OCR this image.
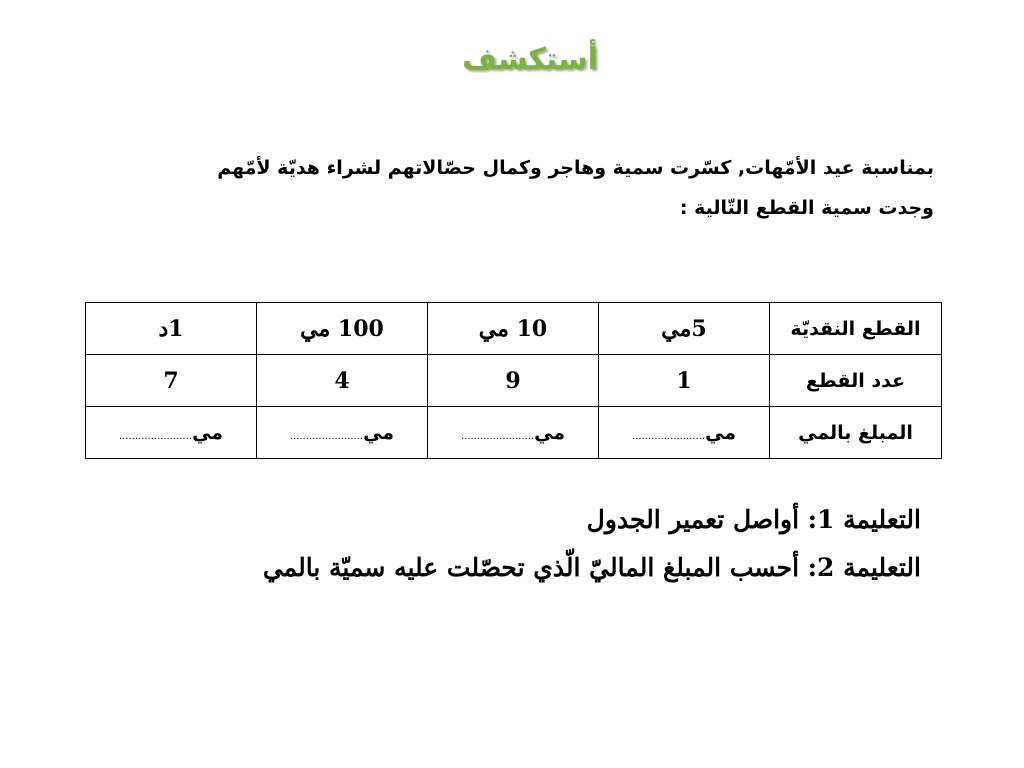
أستكشف

بمناسبة عيد الأمّهات, كسّرت سمية وهاجر وكمال حصّالاتهم لشراء هديّة لأمّهم

وجدت سمية القطع التّالية :

القطع النقديّة	5مي	10 مي	100 مي	1د
عدد القطع	1	9	4	7
المبلغ بالمي	مي.......................	مي.......................	مي.......................	مي.......................

التعليمة 1: أواصل تعمير الجدول

التعليمة 2: أحسب المبلغ الماليّ الّذي تحصّلت عليه سميّة بالمي
